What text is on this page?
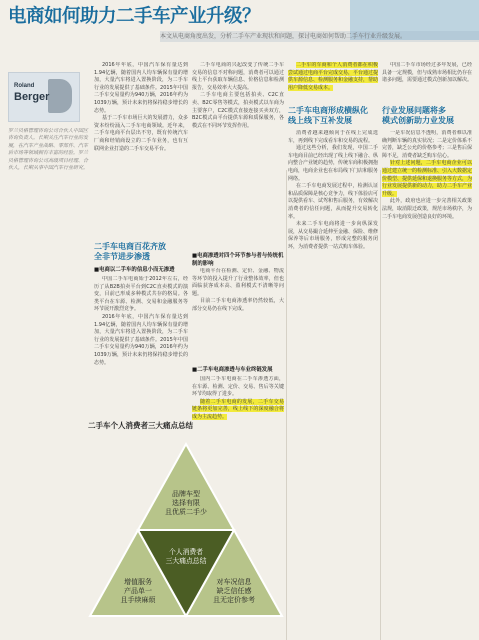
电商如何助力二手车产业升级？
本文从电商角度出发，分析二手车产业现状和问题，探讨电商如何帮助二手车行业升级发展。
Roland
Berger
罗兰贝格管理咨询公司合伙人中国区咨询负责人。长期关注汽车行业的发展，在汽车产业战略、零部件、汽车后市场等领域拥有丰富的经验。罗兰贝格管理咨询公司高级项目经理、合伙人，长期从事中国汽车行业研究。

2016年年底，中国汽车保有量达到1.94亿辆，随着国内人均车辆保有量的增加，大量汽车将进入置换阶段，为二手车行业的发展提供了基础条件。2015年中国二手车交易量约为940万辆，2016年约为1039万辆，预计未来仍将保持稳步增长的态势。

基于二手车市场巨大的发展潜力，众多资本纷纷涌入二手车电商领域。近年来，二手车电商平台层出不穷，既有传统汽车厂商和经销商设立的二手车业务，也有互联网企业打造的二手车交易平台。

二手车电商百花齐放
全非节进步渗透
■电商以二手车的信息小而无渗透

中国二手车电商始于2012年左右，经历了从B2B拍卖平台到C2C直卖模式的演变，目前已形成多种模式共存的格局。各类平台在车源、检测、交易和金融服务等环节展开激烈竞争。

2016年年底，中国汽车保有量达到1.94亿辆，随着国内人均车辆保有量的增加，大量汽车将进入置换阶段，为二手车行业的发展提供了基础条件。2015年中国二手车交易量约为940万辆，2016年约为1039万辆，预计未来仍将保持稳步增长的态势。

二手车电商的兴起改变了传统二手车交易的信息不对称问题，消费者可以通过线上平台获取车辆信息、价格信息和检测报告，交易效率大大提高。

二手车电商主要包括拍卖、C2C直卖、B2C零售等模式，拍卖模式以车商为主要客户，C2C模式直接连接买卖双方，B2C模式由平台提供车源和质保服务，各模式在不同环节发挥作用。

■电商渗透对四个环节参与者与传统机制的影响

电商平台在检测、定价、金融、物流等环节的投入提升了行业整体效率，但也面临获客成本高、盈利模式不清晰等问题。

目前二手车电商渗透率仍然较低，大部分交易仍在线下完成。

■二手车电商渗透与车业终链发展

国内二手车电商在二手车渗透方面，在车源、检测、定价、交易、售后等关键环节均取得了进步。

随着二手车电商的发展，二手车交易链条将更加完善，线上线下的深度融合将成为主流趋势。

二手车的车商和个人消费者都在积极尝试通过电商平台完成交易，平台通过提供车源信息、检测服务和金融支持，帮助用户降低交易成本。

二手车电商形成横纵化
线上线下互补发展

消费者越来越倾向于在线上完成选车，再到线下完成看车和交易的流程。

通过这些分析，我们发现，中国二手车电商目前已经出现了线上线下融合、纵向整合产业链的趋势，传统车商积极拥抱电商，电商企业也在布局线下门店和服务网络。

在二手车电商发展过程中，检测认证和品质保障是核心竞争力，线下体验店可以提供看车、试驾和售后服务，有效解决消费者的信任问题，从而提升交易转化率。

未来二手车电商将进一步向纵深发展，从交易撮合延伸至金融、保险、维修保养等后市场服务，形成完整的服务闭环，为消费者提供一站式购车体验。

中国二手车市场经过多年发展，已经具备一定规模，但与成熟市场相比仍存在诸多问题，需要通过模式创新加以解决。

行业发展问题将多
模式创新助力业发展

一是车况信息不透明，消费者难以准确判断车辆的真实状况；二是定价体系不完善，缺乏公允的价格参考；三是售后保障不足，消费者缺乏购车信心。

针对上述问题，二手车电商企业可以通过建立统一的检测标准、引入大数据定价模型、提供延保和退换服务等方式，为行业发展提供新的动力，助力二手车产业升级。

此外，政府也应进一步完善相关政策法规，取消限迁政策，规范市场秩序，为二手车电商发展创造良好的环境。

二手车个人消费者三大痛点总结
品牌车型
选择有限
且优质二手少
个人消费者
三大痛点总结
增值服务
产品单一
且手续麻烦
对车况信息
缺乏信任感
且无定价参考
